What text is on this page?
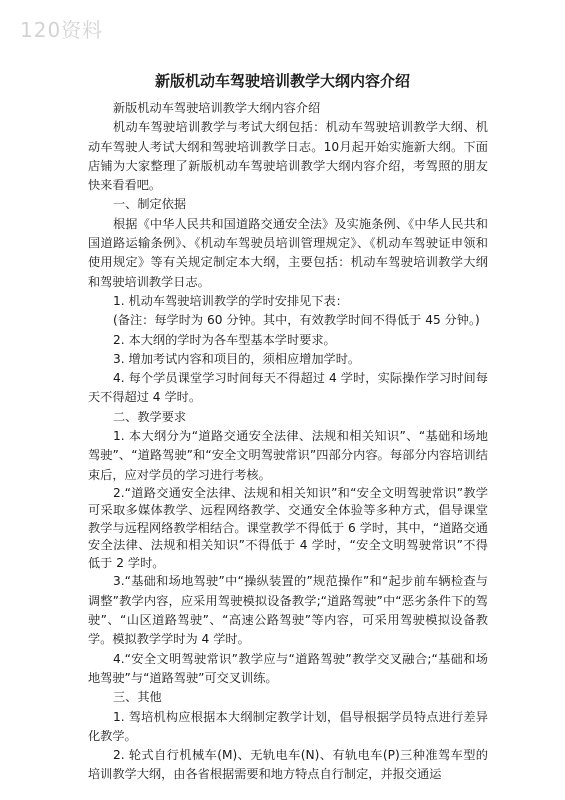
120资料
新版机动车驾驶培训教学大纲内容介绍

新版机动车驾驶培训教学大纲内容介绍

机动车驾驶培训教学与考试大纲包括：机动车驾驶培训教学大纲、机动车驾驶人考试大纲和驾驶培训教学日志。10月起开始实施新大纲。下面店铺为大家整理了新版机动车驾驶培训教学大纲内容介绍，考驾照的朋友快来看看吧。

一、制定依据

根据《中华人民共和国道路交通安全法》及实施条例、《中华人民共和国道路运输条例》、《机动车驾驶员培训管理规定》、《机动车驾驶证申领和使用规定》等有关规定制定本大纲，主要包括：机动车驾驶培训教学大纲和驾驶培训教学日志。

1. 机动车驾驶培训教学的学时安排见下表：

(备注：每学时为 60 分钟。其中，有效教学时间不得低于 45 分钟。)

2. 本大纲的学时为各车型基本学时要求。

3. 增加考试内容和项目的，须相应增加学时。

4. 每个学员课堂学习时间每天不得超过 4 学时，实际操作学习时间每天不得超过 4 学时。

二、教学要求

1. 本大纲分为“道路交通安全法律、法规和相关知识”、“基础和场地驾驶”、“道路驾驶”和“安全文明驾驶常识”四部分内容。每部分内容培训结束后，应对学员的学习进行考核。

2.“道路交通安全法律、法规和相关知识”和“安全文明驾驶常识”教学可采取多媒体教学、远程网络教学、交通安全体验等多种方式，倡导课堂教学与远程网络教学相结合。课堂教学不得低于 6 学时，其中，“道路交通安全法律、法规和相关知识”不得低于 4 学时，“安全文明驾驶常识”不得低于 2 学时。

3.“基础和场地驾驶”中“操纵装置的”规范操作”和“起步前车辆检查与调整”教学内容，应采用驾驶模拟设备教学;“道路驾驶”中“恶劣条件下的驾驶”、“山区道路驾驶”、“高速公路驾驶”等内容，可采用驾驶模拟设备教学。模拟教学学时为 4 学时。

4.“安全文明驾驶常识”教学应与“道路驾驶”教学交叉融合;“基础和场地驾驶”与“道路驾驶”可交叉训练。

三、其他

1. 驾培机构应根据本大纲制定教学计划，倡导根据学员特点进行差异化教学。

2. 轮式自行机械车(M)、无轨电车(N)、有轨电车(P)三种准驾车型的培训教学大纲，由各省根据需要和地方特点自行制定，并报交通运
